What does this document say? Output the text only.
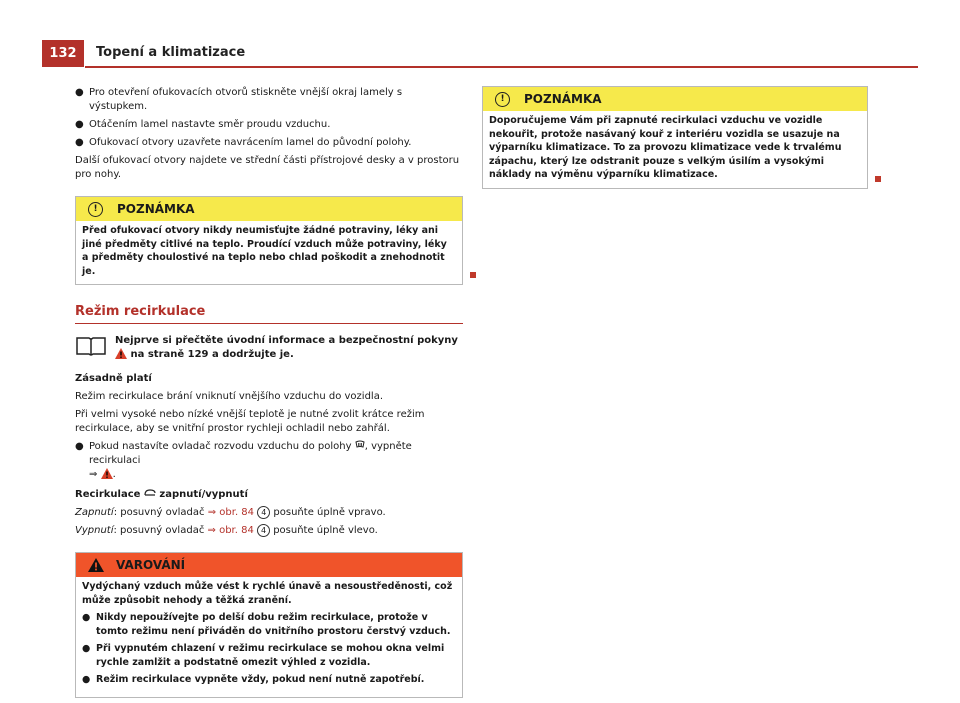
132	Topení a klimatizace
● Pro otevření ofukovacích otvorů stiskněte vnější okraj lamely s výstupkem.
● Otáčením lamel nastavte směr proudu vzduchu.
● Ofukovací otvory uzavřete navrácením lamel do původní polohy.

Další ofukovací otvory najdete ve střední části přístrojové desky a v prostoru pro nohy.

!	POZNÁMKA
Před ofukovací otvory nikdy neumisťujte žádné potraviny, léky ani jiné předměty citlivé na teplo. Proudící vzduch může potraviny, léky a předměty choulostivé na teplo nebo chlad poškodit a znehodnotit je.
Režim recirkulace
Nejprve si přečtěte úvodní informace a bezpečnostní pokyny  na straně 129 a dodržujte je.

Zásadně platí

Režim recirkulace brání vniknutí vnějšího vzduchu do vozidla.

Při velmi vysoké nebo nízké vnější teplotě je nutné zvolit krátce režim recirkulace, aby se vnitřní prostor rychleji ochladil nebo zahřál.

● Pokud nastavíte ovladač rozvodu vzduchu do polohy , vypněte recirkulaci
⇒ .

Recirkulace zapnutí/vypnutí

Zapnutí: posuvný ovladač ⇒ obr. 84 4 posuňte úplně vpravo.

Vypnutí: posuvný ovladač ⇒ obr. 84 4 posuňte úplně vlevo.

VAROVÁNÍ

Vydýchaný vzduch může vést k rychlé únavě a nesoustředěnosti, což může způsobit nehody a těžká zranění.

● Nikdy nepoužívejte po delší dobu režim recirkulace, protože v tomto režimu není přiváděn do vnitřního prostoru čerstvý vzduch.
● Při vypnutém chlazení v režimu recirkulace se mohou okna velmi rychle zamlžit a podstatně omezit výhled z vozidla.
● Režim recirkulace vypněte vždy, pokud není nutně zapotřebí.
!	POZNÁMKA
Doporučujeme Vám při zapnuté recirkulaci vzduchu ve vozidle nekouřit, protože nasávaný kouř z interiéru vozidla se usazuje na výparníku klimatizace. To za provozu klimatizace vede k trvalému zápachu, který lze odstranit pouze s velkým úsilím a vysokými náklady na výměnu výparníku klimatizace.
